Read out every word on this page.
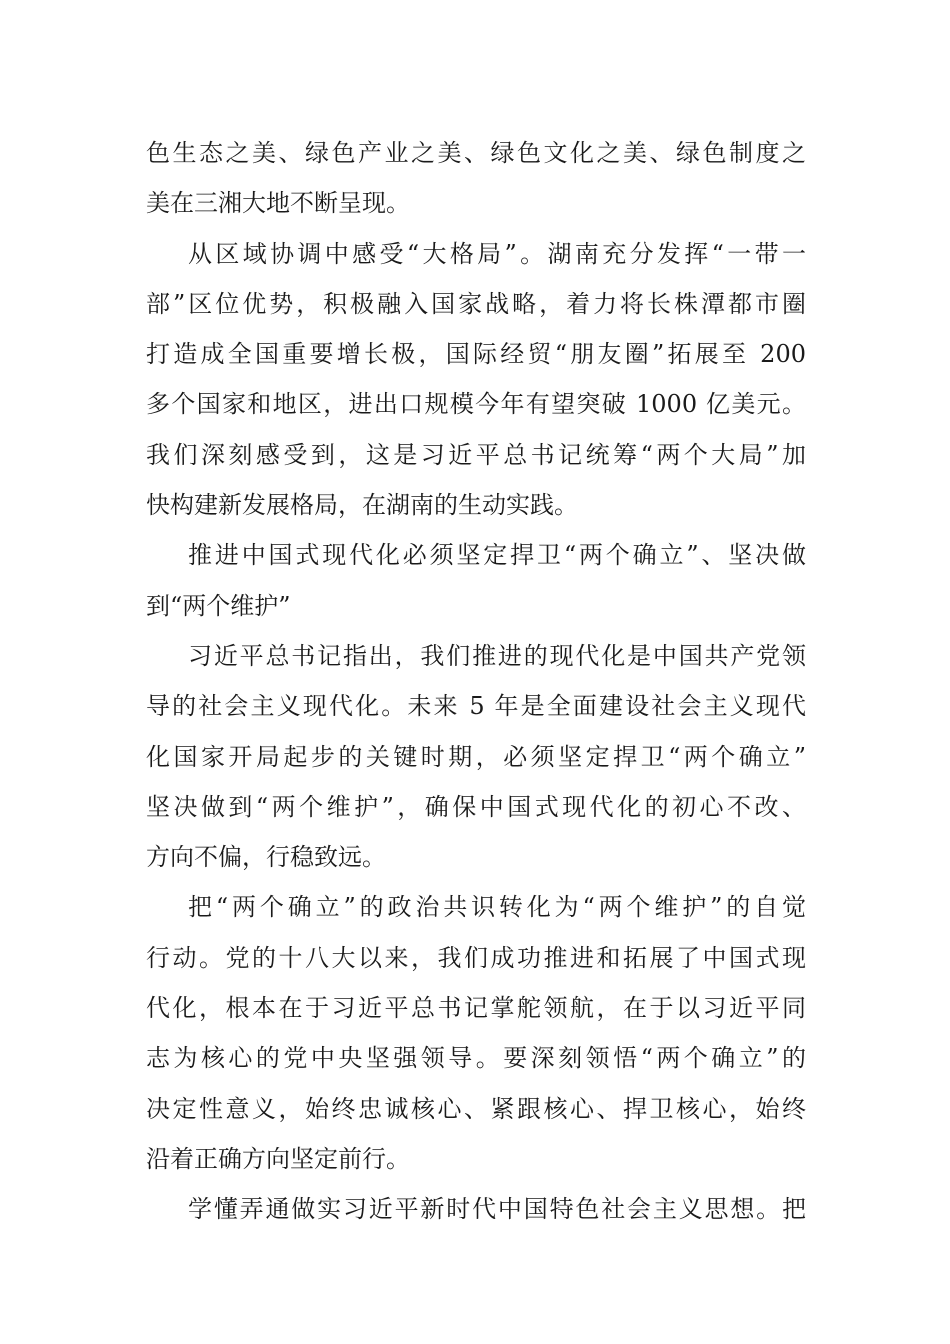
色生态之美、绿色产业之美、绿色文化之美、绿色制度之
美在三湘大地不断呈现。
从区域协调中感受“大格局”。湖南充分发挥“一带一
部”区位优势，积极融入国家战略，着力将长株潭都市圈
打造成全国重要增长极，国际经贸“朋友圈”拓展至 200
多个国家和地区，进出口规模今年有望突破 1000 亿美元。
我们深刻感受到，这是习近平总书记统筹“两个大局”加
快构建新发展格局，在湖南的生动实践。
推进中国式现代化必须坚定捍卫“两个确立”、坚决做
到“两个维护”
习近平总书记指出，我们推进的现代化是中国共产党领
导的社会主义现代化。未来 5 年是全面建设社会主义现代
化国家开局起步的关键时期，必须坚定捍卫“两个确立”
坚决做到“两个维护”，确保中国式现代化的初心不改、
方向不偏，行稳致远。
把“两个确立”的政治共识转化为“两个维护”的自觉
行动。党的十八大以来，我们成功推进和拓展了中国式现
代化，根本在于习近平总书记掌舵领航，在于以习近平同
志为核心的党中央坚强领导。要深刻领悟“两个确立”的
决定性意义，始终忠诚核心、紧跟核心、捍卫核心，始终
沿着正确方向坚定前行。
学懂弄通做实习近平新时代中国特色社会主义思想。把
